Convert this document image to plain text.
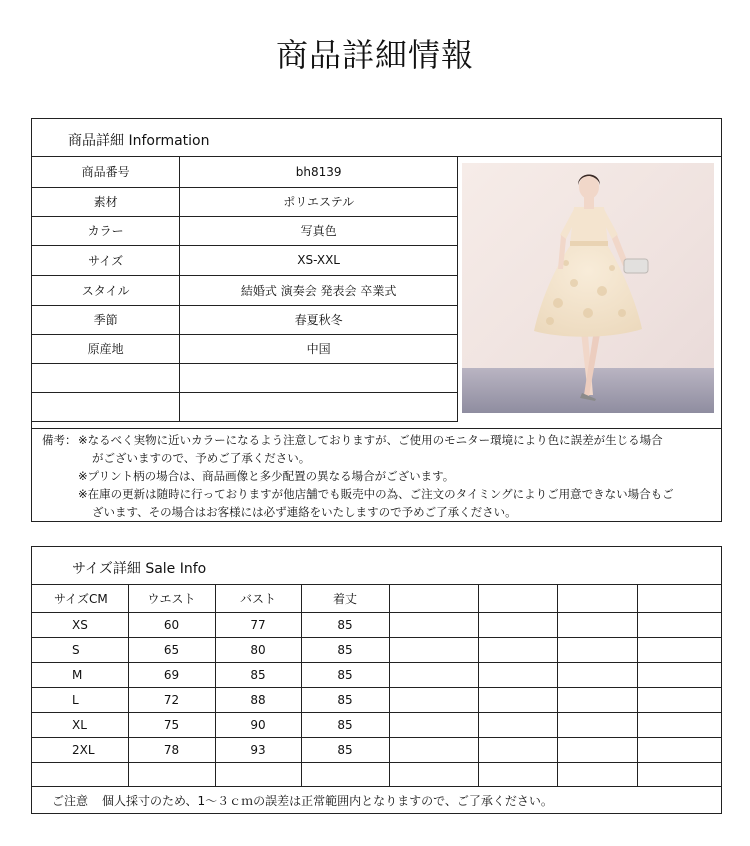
商品詳細情報
商品詳細 Information
商品番号	bh8139
素材	ポリエステル
カラー	写真色
サイズ	XS-XXL
スタイル	結婚式 演奏会 発表会 卒業式
季節	春夏秋冬
原産地	中国

備考： ※なるべく実物に近いカラーになるよう注意しておりますが、ご使用のモニター環境により色に誤差が生じる場合
がございますので、予めご了承ください。
※プリント柄の場合は、商品画像と多少配置の異なる場合がございます。
※在庫の更新は随時に行っておりますが他店舗でも販売中の為、ご注文のタイミングによりご用意できない場合もご
ざいます、その場合はお客様には必ず連絡をいたしますので予めご了承ください。
サイズ詳細 Sale Info
サイズCM	ウエスト	バスト	着丈				
XS	60	77	85				
S	65	80	85				
M	69	85	85				
L	72	88	85				
XL	75	90	85				
2XL	78	93	85				

ご注意 個人採寸のため、1～３ｃｍの誤差は正常範囲内となりますので、ご了承ください。
